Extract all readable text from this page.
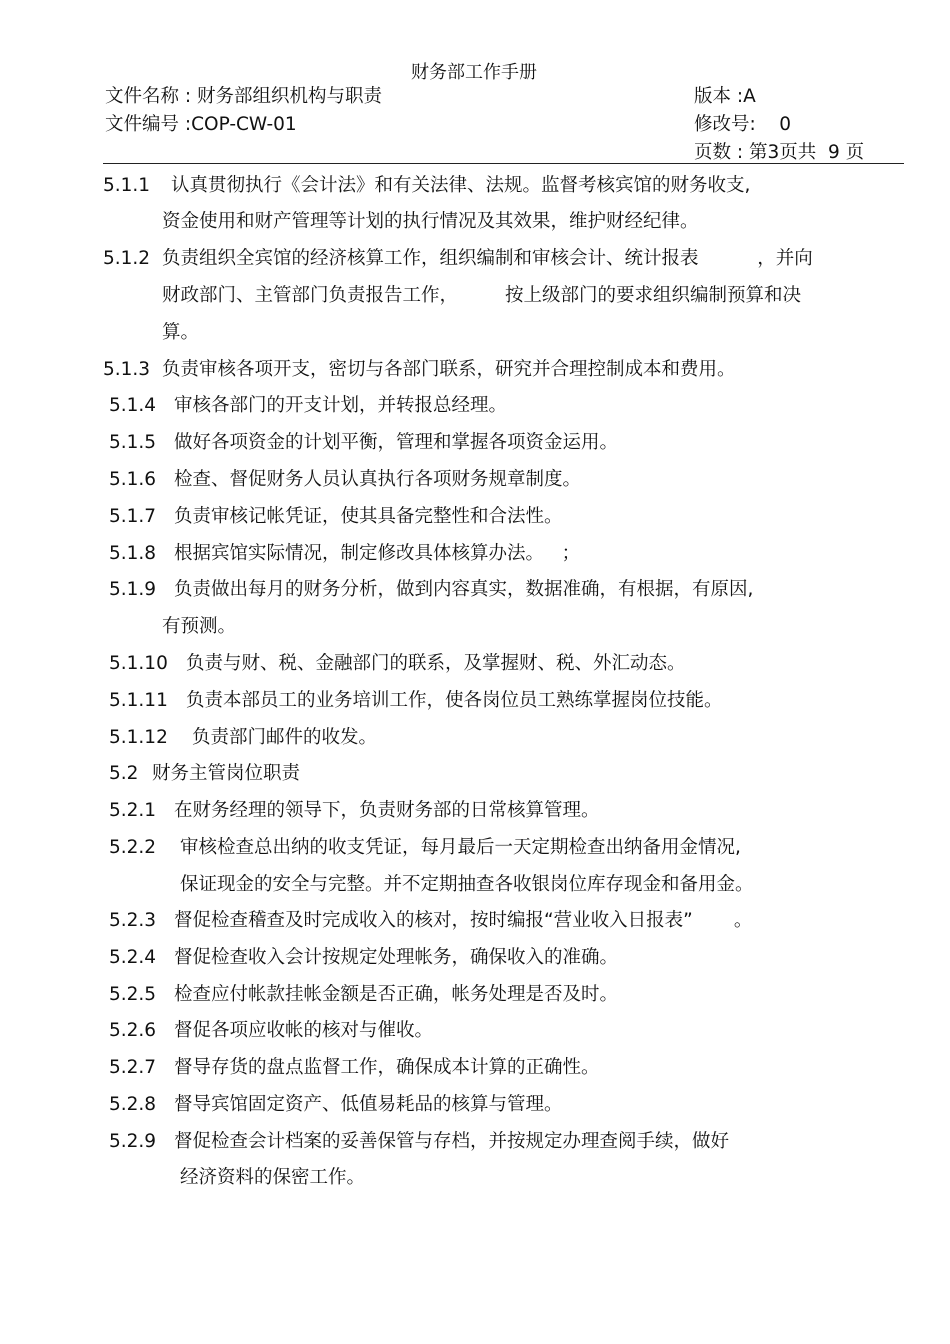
财务部工作手册
文件名称 : 财务部组织机构与职责
文件编号 :COP-CW-01
版本 :A
修改号:    0
页数 : 第3页共  9 页
5.1.1 认真贯彻执行《会计法》和有关法律、法规。监督考核宾馆的财务收支,
资金使用和财产管理等计划的执行情况及其效果，维护财经纪律。
5.1.2 负责组织全宾馆的经济核算工作，组织编制和审核会计、统计报表          ，并向
财政部门、主管部门负责报告工作，        按上级部门的要求组织编制预算和决
算。
5.1.3 负责审核各项开支，密切与各部门联系，研究并合理控制成本和费用。
5.1.4 审核各部门的开支计划，并转报总经理。
5.1.5 做好各项资金的计划平衡，管理和掌握各项资金运用。
5.1.6 检查、督促财务人员认真执行各项财务规章制度。
5.1.7 负责审核记帐凭证，使其具备完整性和合法性。
5.1.8 根据宾馆实际情况，制定修改具体核算办法。   ；
5.1.9 负责做出每月的财务分析，做到内容真实，数据准确，有根据，有原因,
有预测。
5.1.10 负责与财、税、金融部门的联系，及掌握财、税、外汇动态。
5.1.11 负责本部员工的业务培训工作，使各岗位员工熟练掌握岗位技能。
5.1.12 负责部门邮件的收发。
5.2 财务主管岗位职责
5.2.1 在财务经理的领导下，负责财务部的日常核算管理。
5.2.2 审核检查总出纳的收支凭证，每月最后一天定期检查出纳备用金情况,
保证现金的安全与完整。并不定期抽查各收银岗位库存现金和备用金。
5.2.3 督促检查稽查及时完成收入的核对，按时编报“营业收入日报表”       。
5.2.4 督促检查收入会计按规定处理帐务，确保收入的准确。
5.2.5 检查应付帐款挂帐金额是否正确，帐务处理是否及时。
5.2.6 督促各项应收帐的核对与催收。
5.2.7 督导存货的盘点监督工作，确保成本计算的正确性。
5.2.8 督导宾馆固定资产、低值易耗品的核算与管理。
5.2.9 督促检查会计档案的妥善保管与存档，并按规定办理查阅手续，做好
经济资料的保密工作。
